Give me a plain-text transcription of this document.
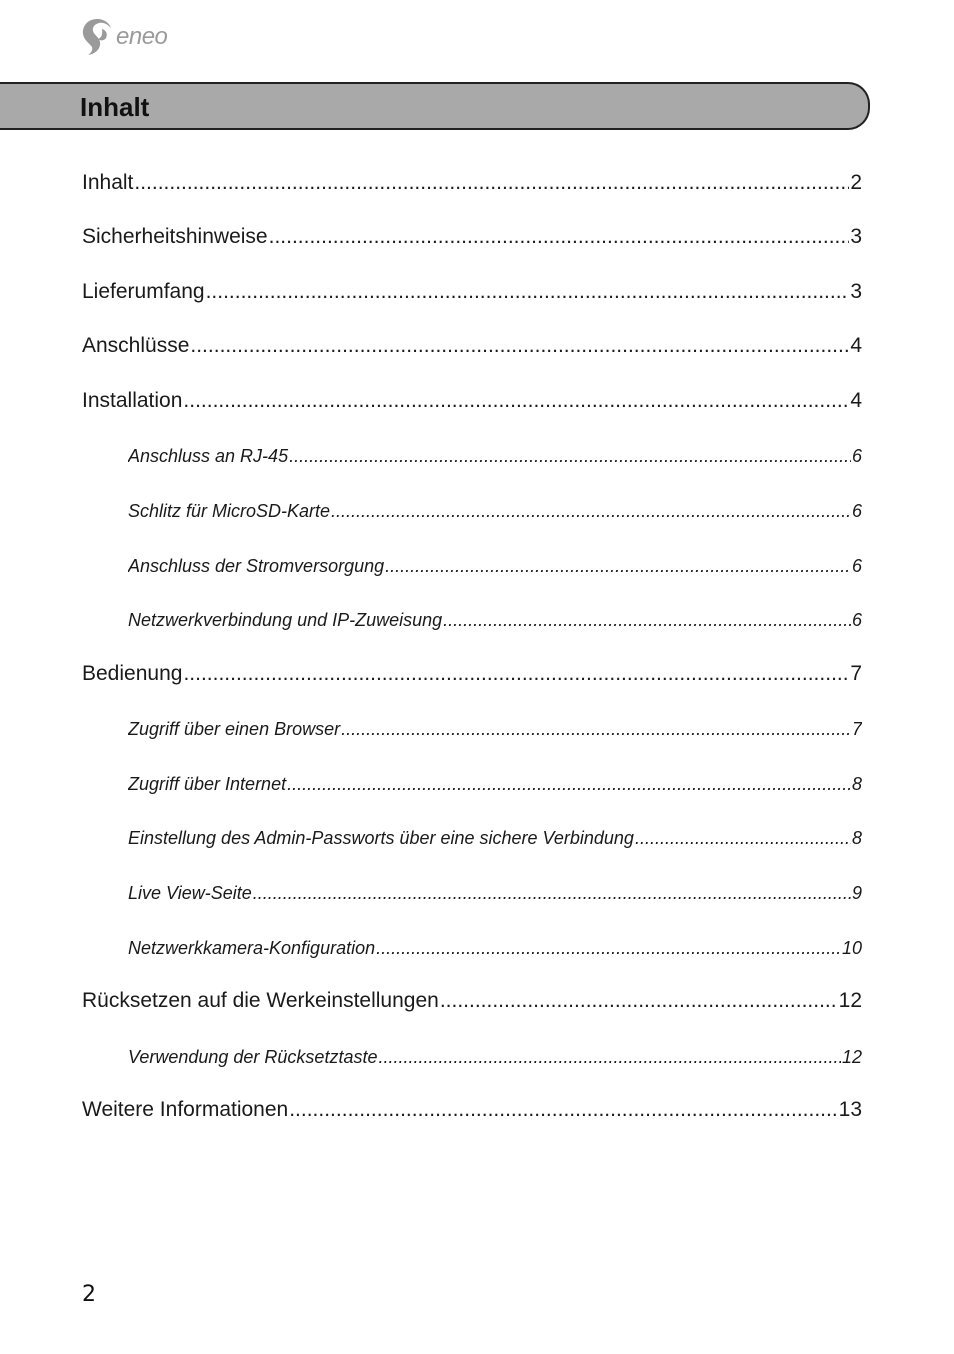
eneo
Inhalt
Inhalt .....	2
Sicherheitshinweise .....	3
Lieferumfang .....	3
Anschlüsse .....	4
Installation .....	4
Anschluss an RJ-45 .....	6
Schlitz für MicroSD-Karte .....	6
Anschluss der Stromversorgung .....	6
Netzwerkverbindung und IP-Zuweisung .....	6
Bedienung .....	7
Zugriff über einen Browser .....	7
Zugriff über Internet .....	8
Einstellung des Admin-Passworts über eine sichere Verbindung .....	8
Live View-Seite .....	9
Netzwerkkamera-Konfiguration .....	10
Rücksetzen auf die Werkeinstellungen .....	12
Verwendung der Rücksetztaste .....	12
Weitere Informationen .....	13
2
